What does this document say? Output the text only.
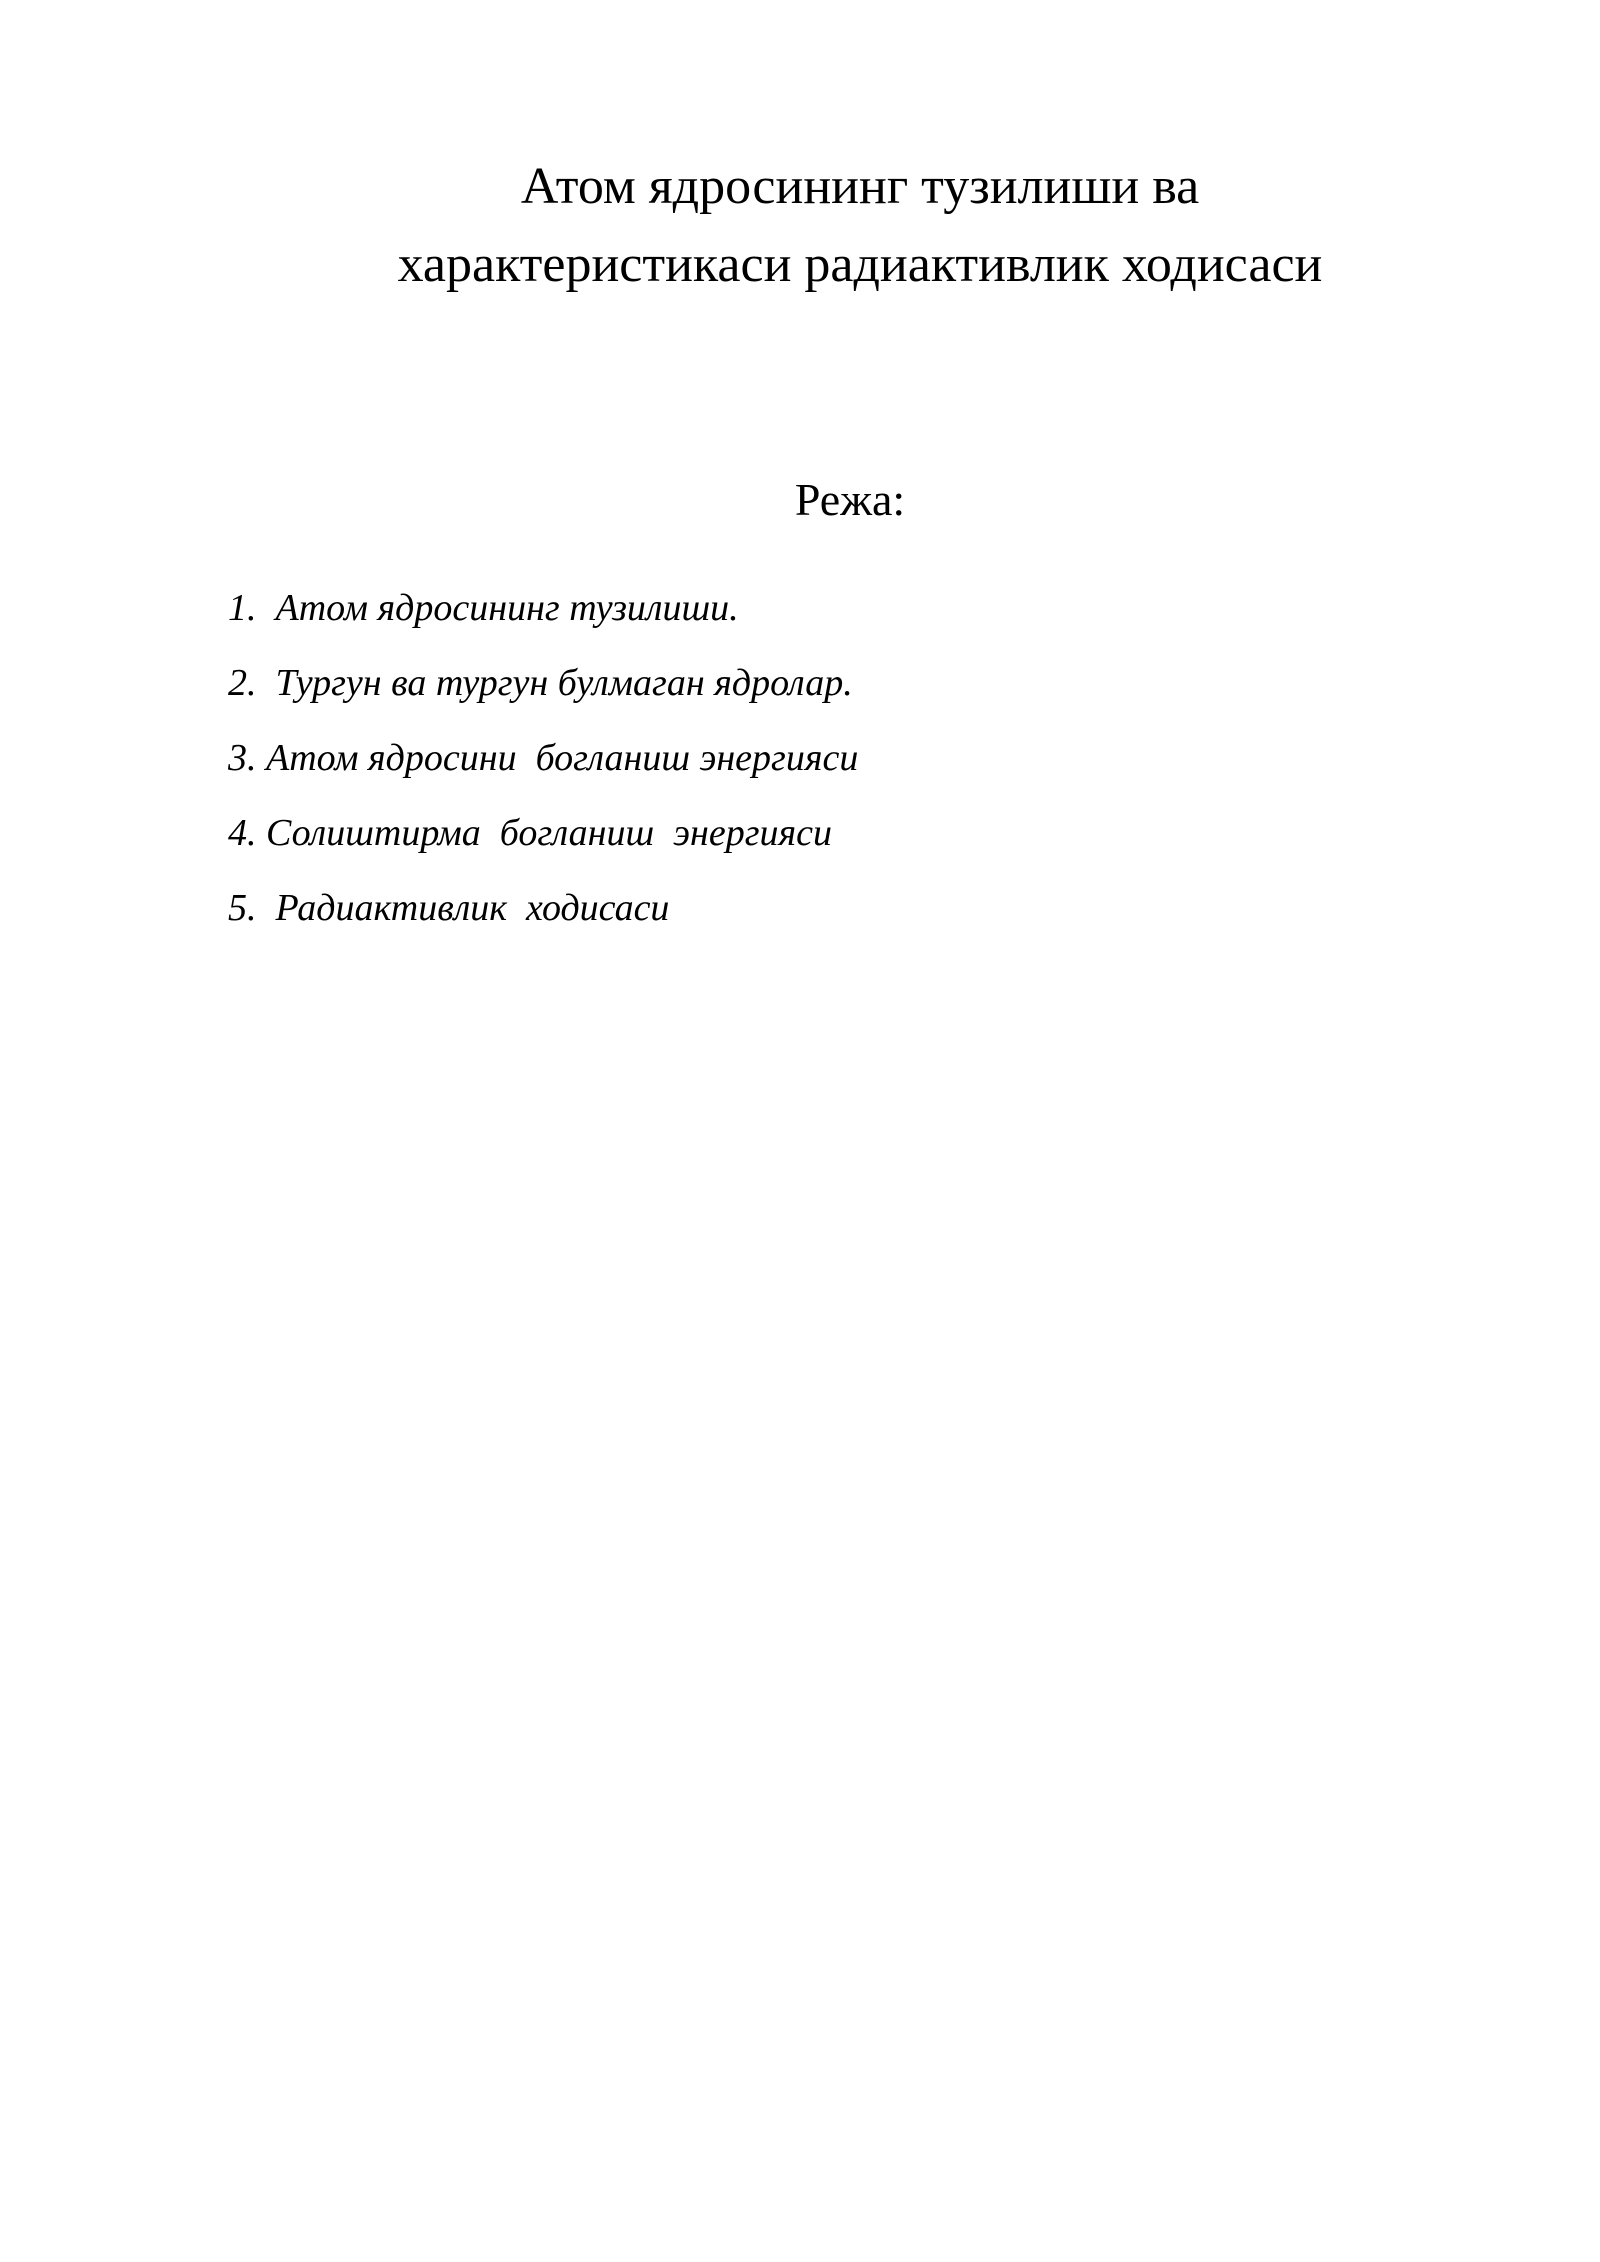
Атом ядросининг тузилиши ва
характеристикаси радиактивлик ходисаси
Режа:
1.  Атом ядросининг тузилиши.
2.  Тургун ва тургун булмаган ядролар.
3. Атом ядросини  богланиш энергияси
4. Солиштирма  богланиш  энергияси
5.  Радиактивлик  ходисаси
